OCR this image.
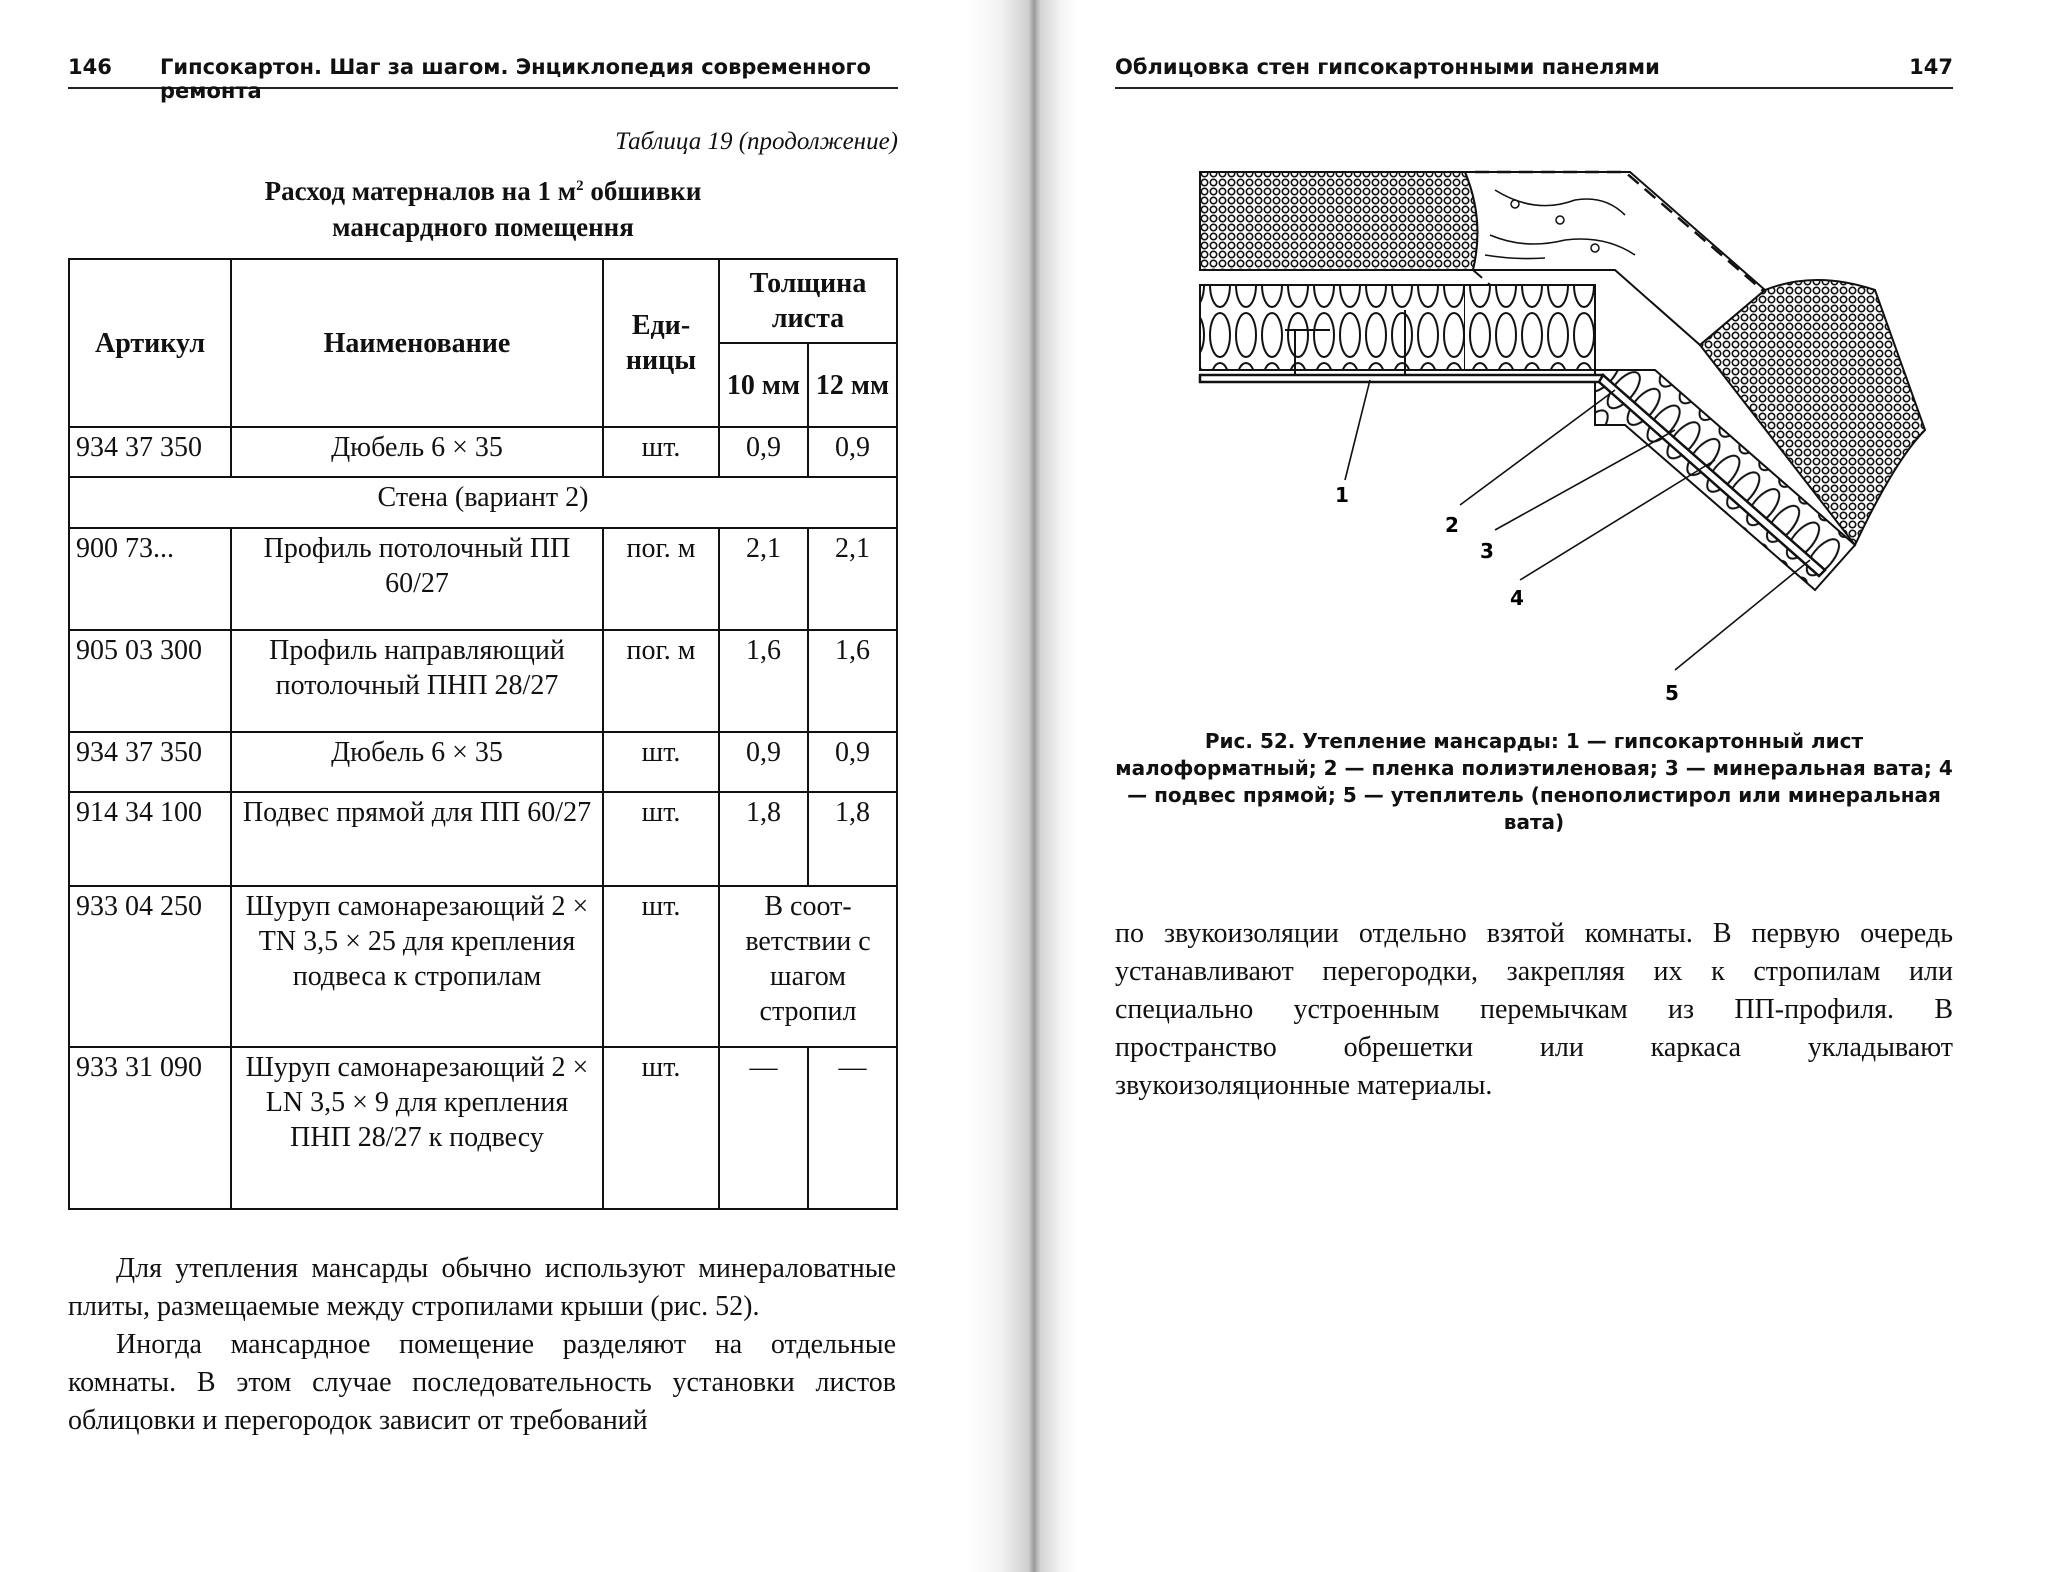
146 Гипсокартон. Шаг за шагом. Энциклопедия современного ремонта
Таблица 19 (продолжение)
Расход матерналов на 1 $м^2$ обшивки
мансардного помещення
Артикул	Наименование	Еди-ницы	Толщина листа	
			10 мм	12 мм
934 37 350	Дюбель 6 × 35	шт.	0,9	0,9
Стена (вариант 2)				
900 73...	Профиль потолочный ПП 60/27	пог. м	2,1	2,1
905 03 300	Профиль направляющий потолочный ПНП 28/27	пог. м	1,6	1,6
934 37 350	Дюбель 6 × 35	шт.	0,9	0,9
914 34 100	Подвес прямой для ПП 60/27	шт.	1,8	1,8
933 04 250	Шуруп самонарезающий 2 × TN 3,5 × 25 для крепления подвеса к стропилам	шт.	В соот-ветствии с шагом стропил	
933 31 090	Шуруп самонарезающий 2 × LN 3,5 × 9 для крепления ПНП 28/27 к подвесу	шт.	—	—

Для утепления мансарды обычно используют минераловатные плиты, размещаемые между стропилами крыши (рис. 52).

Иногда мансардное помещение разделяют на отдельные комнаты. В этом случае последовательность установки листов облицовки и перегородок зависит от требований

Облицовка стен гипсокартонными панелями	147
1
2
3
4
5
Рис. 52. Утепление мансарды: 1 — гипсокартонный лист малоформатный; 2 — пленка полиэтиленовая; 3 — минеральная вата; 4 — подвес прямой; 5 — утеплитель (пенополистирол или минеральная вата)

по звукоизоляции отдельно взятой комнаты. В первую очередь устанавливают перегородки, закрепляя их к стропилам или специально устроенным перемычкам из ПП-профиля. В пространство обрешетки или каркаса укладывают звукоизоляционные материалы.
